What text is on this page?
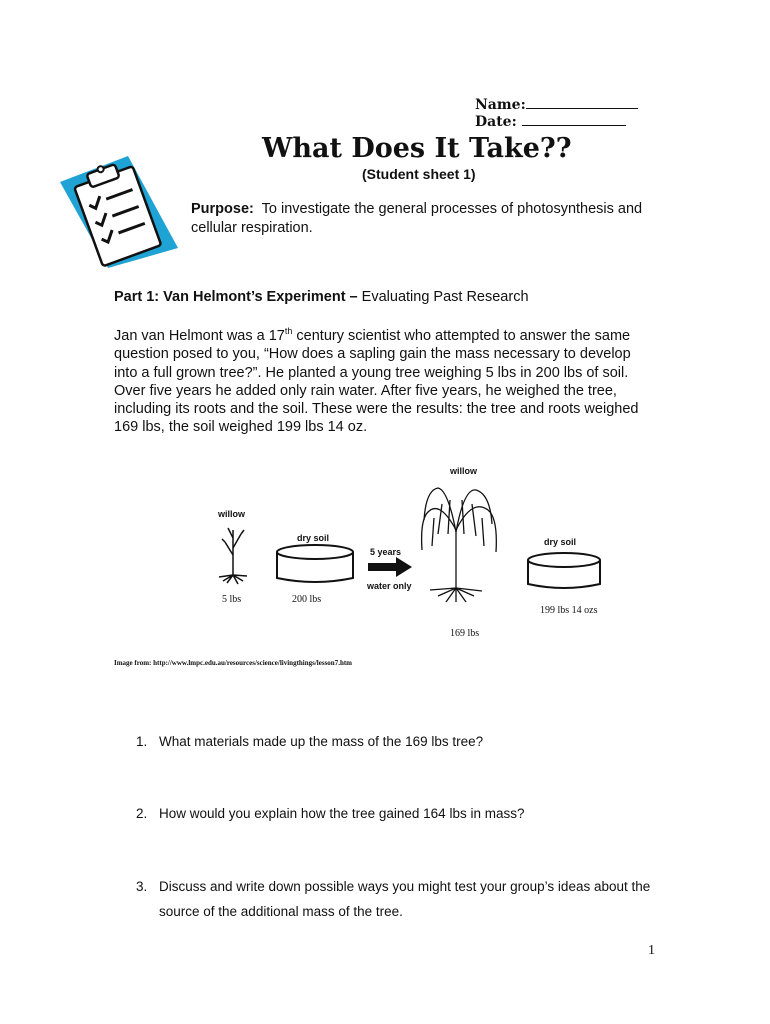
Name:
Date:
What Does It Take??
(Student sheet 1)
Purpose: To investigate the general processes of photosynthesis and cellular respiration.
Part 1: Van Helmont’s Experiment – Evaluating Past Research
Jan van Helmont was a 17th century scientist who attempted to answer the same question posed to you, “How does a sapling gain the mass necessary to develop into a full grown tree?”. He planted a young tree weighing 5 lbs in 200 lbs of soil. Over five years he added only rain water. After five years, he weighed the tree, including its roots and the soil. These were the results: the tree and roots weighed 169 lbs, the soil weighed 199 lbs 14 oz.
willow
dry soil
5 years
water only
willow
dry soil
5 lbs	200 lbs
199 lbs 14 ozs
169 lbs
Image from: http://www.lmpc.edu.au/resources/science/livingthings/lesson7.htm
1. What materials made up the mass of the 169 lbs tree?
2. How would you explain how the tree gained 164 lbs in mass?
3. Discuss and write down possible ways you might test your group’s ideas about the source of the additional mass of the tree.
1
